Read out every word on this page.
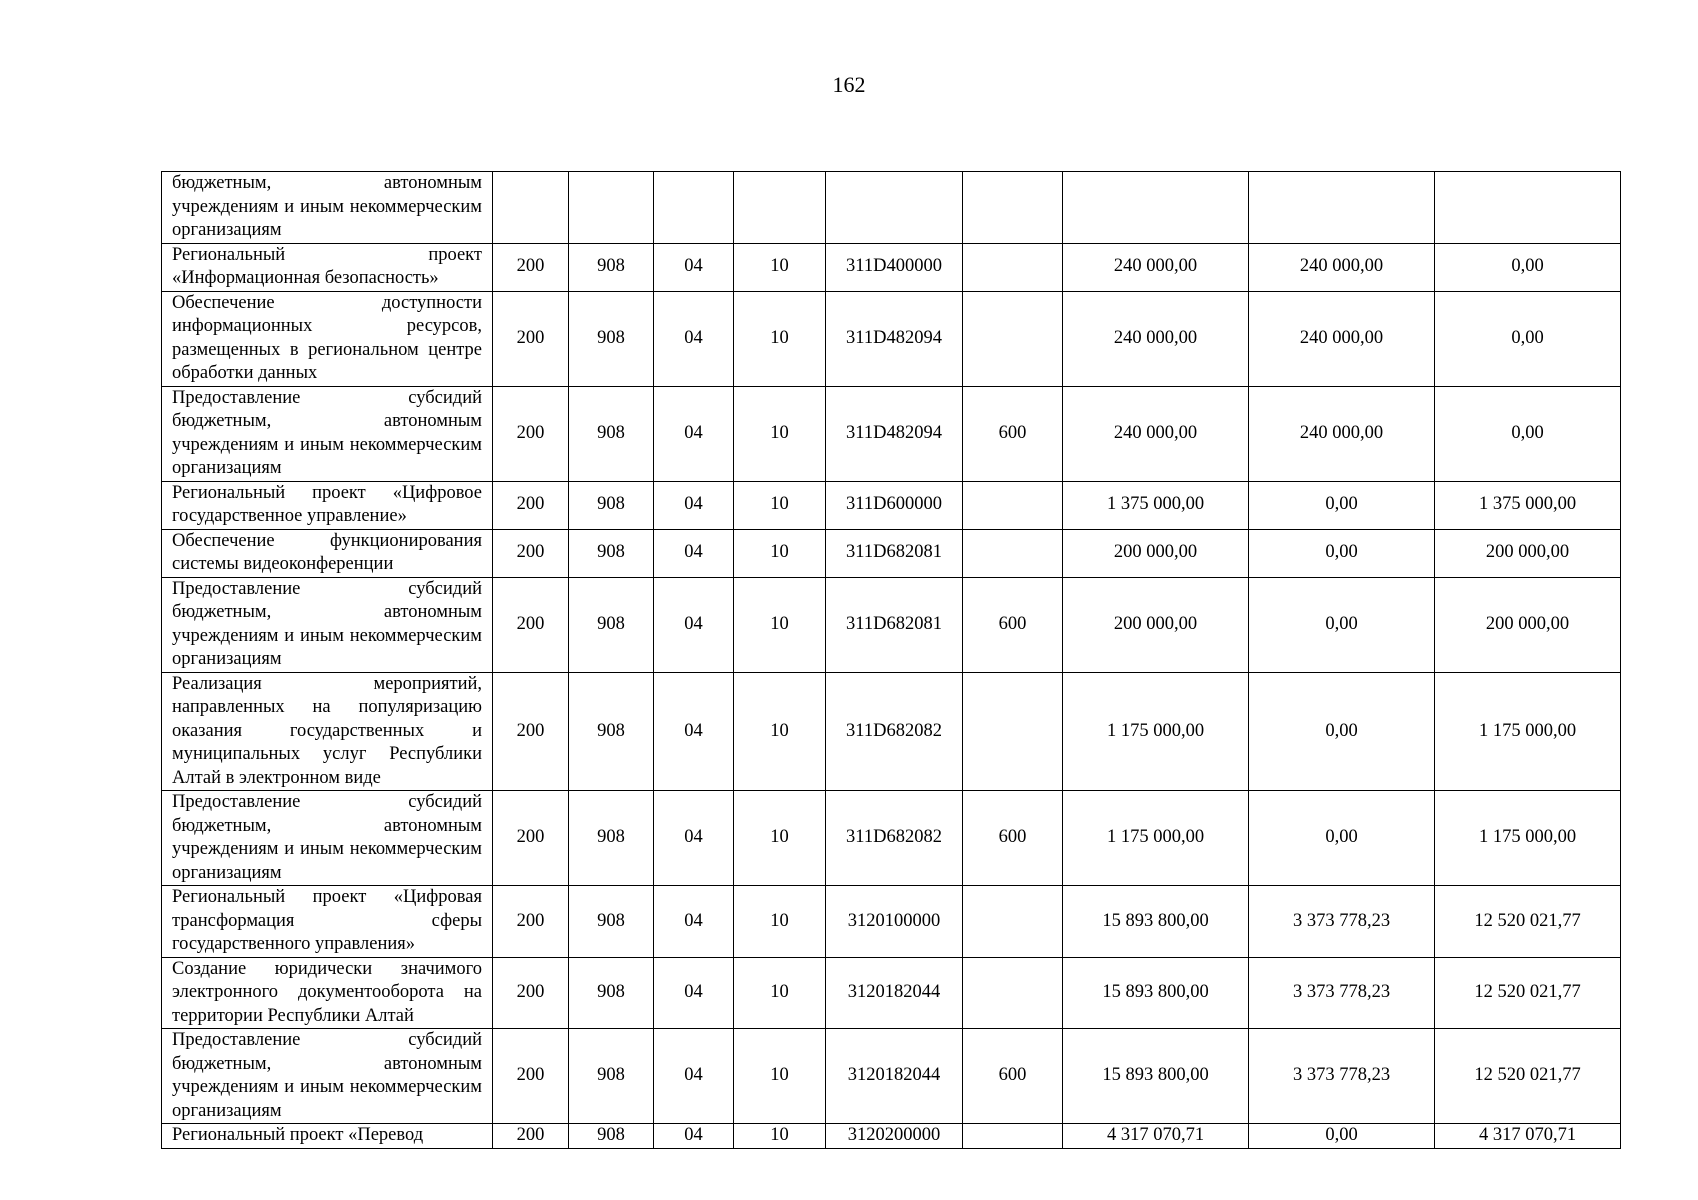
162
бюджетным, автономным учреждениям и иным некоммерческим организациям									
Региональный проект «Информационная безопасность»	200	908	04	10	311D400000		240 000,00	240 000,00	0,00
Обеспечение доступности информационных ресурсов, размещенных в региональном центре обработки данных	200	908	04	10	311D482094		240 000,00	240 000,00	0,00
Предоставление субсидий бюджетным, автономным учреждениям и иным некоммерческим организациям	200	908	04	10	311D482094	600	240 000,00	240 000,00	0,00
Региональный проект «Цифровое государственное управление»	200	908	04	10	311D600000		1 375 000,00	0,00	1 375 000,00
Обеспечение функционирования системы видеоконференции	200	908	04	10	311D682081		200 000,00	0,00	200 000,00
Предоставление субсидий бюджетным, автономным учреждениям и иным некоммерческим организациям	200	908	04	10	311D682081	600	200 000,00	0,00	200 000,00
Реализация мероприятий, направленных на популяризацию оказания государственных и муниципальных услуг Республики Алтай в электронном виде	200	908	04	10	311D682082		1 175 000,00	0,00	1 175 000,00
Предоставление субсидий бюджетным, автономным учреждениям и иным некоммерческим организациям	200	908	04	10	311D682082	600	1 175 000,00	0,00	1 175 000,00
Региональный проект «Цифровая трансформация сферы государственного управления»	200	908	04	10	3120100000		15 893 800,00	3 373 778,23	12 520 021,77
Создание юридически значимого электронного документооборота на территории Республики Алтай	200	908	04	10	3120182044		15 893 800,00	3 373 778,23	12 520 021,77
Предоставление субсидий бюджетным, автономным учреждениям и иным некоммерческим организациям	200	908	04	10	3120182044	600	15 893 800,00	3 373 778,23	12 520 021,77
Региональный проект «Перевод	200	908	04	10	3120200000		4 317 070,71	0,00	4 317 070,71
